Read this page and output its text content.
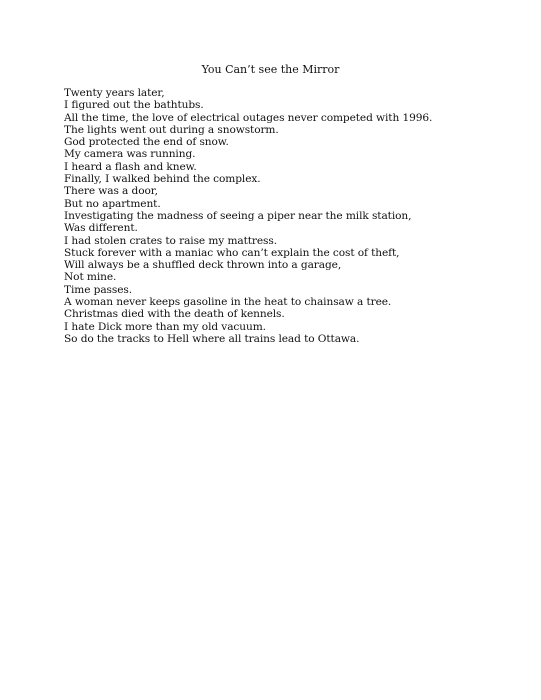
You Can’t see the Mirror
Twenty years later,
I figured out the bathtubs.
All the time, the love of electrical outages never competed with 1996.
The lights went out during a snowstorm.
God protected the end of snow.
My camera was running.
I heard a flash and knew.
Finally, I walked behind the complex.
There was a door,
But no apartment.
Investigating the madness of seeing a piper near the milk station,
Was different.
I had stolen crates to raise my mattress.
Stuck forever with a maniac who can’t explain the cost of theft,
Will always be a shuffled deck thrown into a garage,
Not mine.
Time passes.
A woman never keeps gasoline in the heat to chainsaw a tree.
Christmas died with the death of kennels.
I hate Dick more than my old vacuum.
So do the tracks to Hell where all trains lead to Ottawa.
